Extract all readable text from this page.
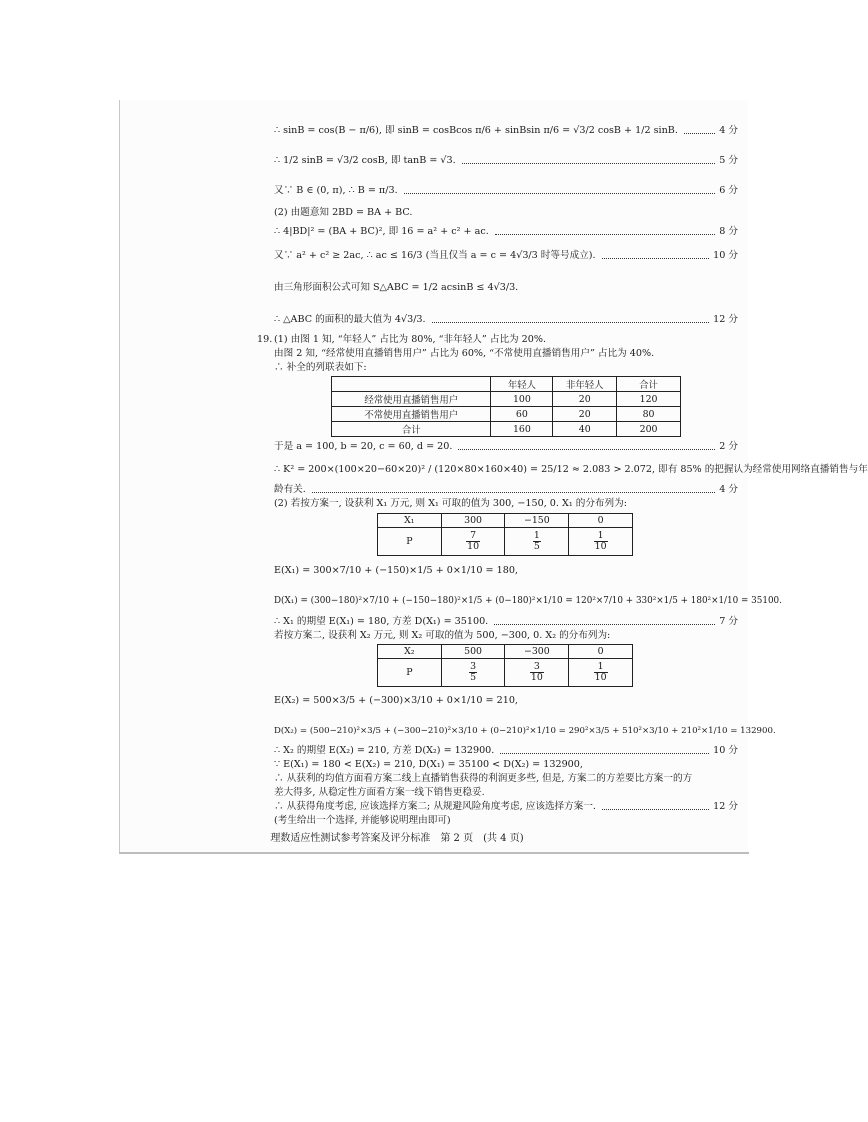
∴ sinB = cos(B − π/6), 即 sinB = cosBcos π/6 + sinBsin π/6 = √3/2 cosB + 1/2 sinB.	4 分
∴ 1/2 sinB = √3/2 cosB, 即 tanB = √3.	5 分
又∵ B ∈ (0, π), ∴ B = π/3.	6 分
(2) 由题意知 2BD = BA + BC.
∴ 4|BD|² = (BA + BC)², 即 16 = a² + c² + ac.	8 分
又∵ a² + c² ≥ 2ac, ∴ ac ≤ 16/3 (当且仅当 a = c = 4√3/3 时等号成立).	10 分
由三角形面积公式可知 S△ABC = 1/2 acsinB ≤ 4√3/3.
∴ △ABC 的面积的最大值为 4√3/3.	12 分
19. (1) 由图 1 知, “年轻人” 占比为 80%, “非年轻人” 占比为 20%.
由图 2 知, “经常使用直播销售用户” 占比为 60%, “不常使用直播销售用户” 占比为 40%.
∴ 补全的列联表如下:
	年轻人	非年轻人	合计
经常使用直播销售用户	100	20	120
不常使用直播销售用户	60	20	80
合计	160	40	200
于是 a = 100, b = 20, c = 60, d = 20.	2 分
∴ K² = 200×(100×20−60×20)² / (120×80×160×40) = 25/12 ≈ 2.083 > 2.072, 即有 85% 的把握认为经常使用网络直播销售与年
龄有关.	4 分
(2) 若按方案一, 设获利 X₁ 万元, 则 X₁ 可取的值为 300, −150, 0. X₁ 的分布列为:
X₁	300	−150	0
P	$\frac{7}{10}$	$\frac{1}{5}$	$\frac{1}{10}$
E(X₁) = 300×7/10 + (−150)×1/5 + 0×1/10 = 180,
D(X₁) = (300−180)²×7/10 + (−150−180)²×1/5 + (0−180)²×1/10 = 120²×7/10 + 330²×1/5 + 180²×1/10 = 35100.
∴ X₁ 的期望 E(X₁) = 180, 方差 D(X₁) = 35100.	7 分
若按方案二, 设获利 X₂ 万元, 则 X₂ 可取的值为 500, −300, 0. X₂ 的分布列为:
X₂	500	−300	0
P	$\frac{3}{5}$	$\frac{3}{10}$	$\frac{1}{10}$
E(X₂) = 500×3/5 + (−300)×3/10 + 0×1/10 = 210,
D(X₂) = (500−210)²×3/5 + (−300−210)²×3/10 + (0−210)²×1/10 = 290²×3/5 + 510²×3/10 + 210²×1/10 = 132900.
∴ X₂ 的期望 E(X₂) = 210, 方差 D(X₂) = 132900.	10 分
∵ E(X₁) = 180 < E(X₂) = 210, D(X₁) = 35100 < D(X₂) = 132900,
∴ 从获利的均值方面看方案二线上直播销售获得的利润更多些, 但是, 方案二的方差要比方案一的方
差大得多, 从稳定性方面看方案一线下销售更稳妥.
∴ 从获得角度考虑, 应该选择方案二; 从规避风险角度考虑, 应该选择方案一.	12 分
(考生给出一个选择, 并能够说明理由即可)
理数适应性测试参考答案及评分标准　第 2 页　(共 4 页)
